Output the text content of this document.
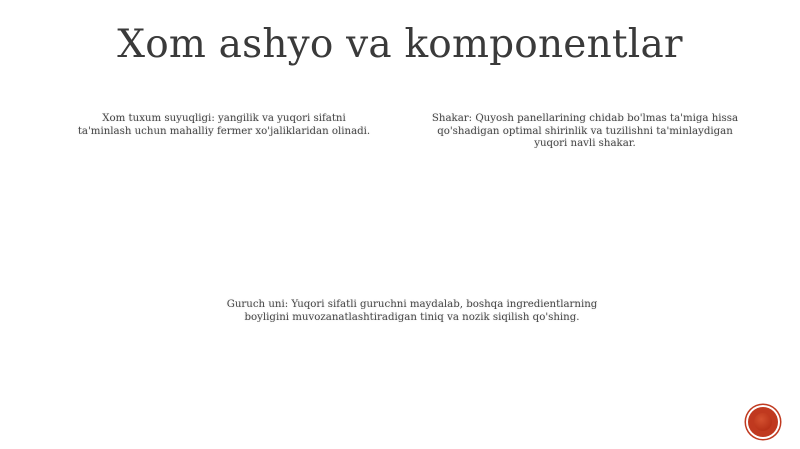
Xom ashyo va komponentlar
Xom tuxum suyuqligi: yangilik va yuqori sifatni ta'minlash uchun mahalliy fermer xo'jaliklaridan olinadi.
Shakar: Quyosh panellarining chidab bo'lmas ta'miga hissa qo'shadigan optimal shirinlik va tuzilishni ta'minlaydigan yuqori navli shakar.
Guruch uni: Yuqori sifatli guruchni maydalab, boshqa ingredientlarning boyligini muvozanatlashtiradigan tiniq va nozik siqilish qo'shing.
